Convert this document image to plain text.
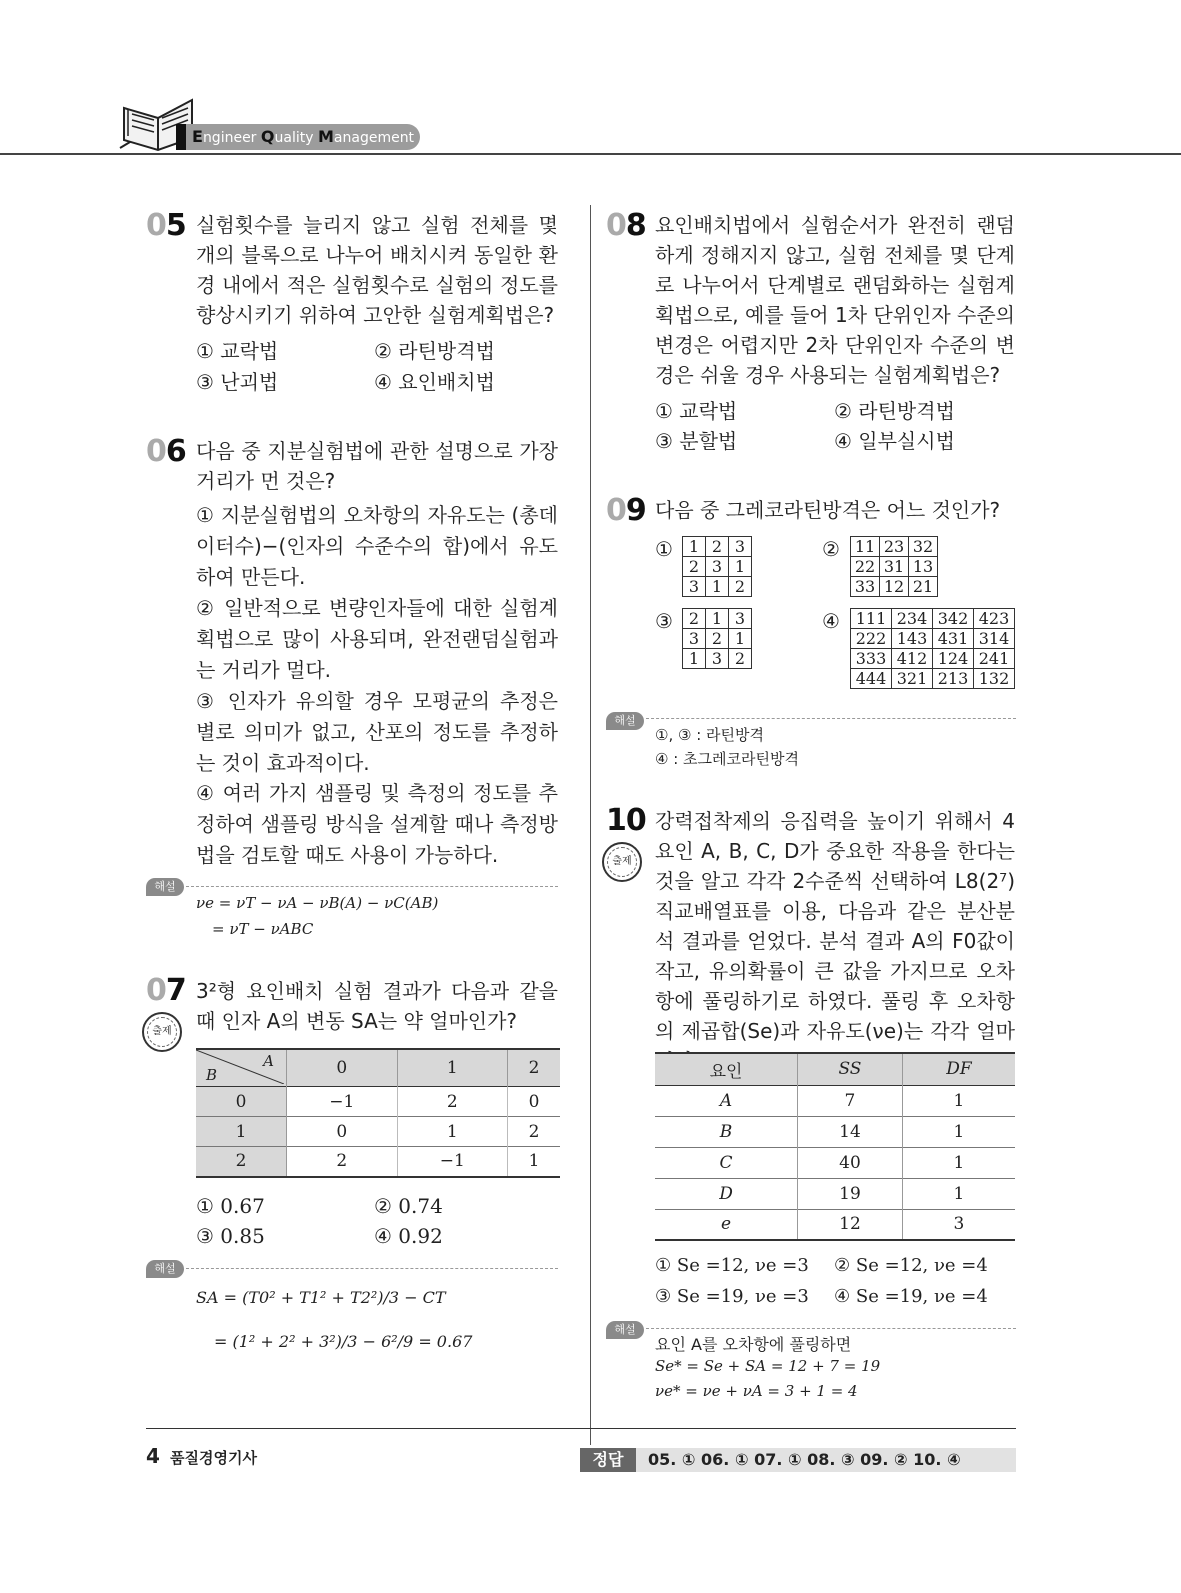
Engineer Quality Management
05 실험횟수를 늘리지 않고 실험 전체를 몇 개의 블록으로 나누어 배치시켜 동일한 환경 내에서 적은 실험횟수로 실험의 정도를 향상시키기 위하여 고안한 실험계획법은?
① 교락법	② 라틴방격법
③ 난괴법	④ 요인배치법
06 다음 중 지분실험법에 관한 설명으로 가장 거리가 먼 것은?
① 지분실험법의 오차항의 자유도는 (총데이터수)−(인자의 수준수의 합)에서 유도하여 만든다.
② 일반적으로 변량인자들에 대한 실험계획법으로 많이 사용되며, 완전랜덤실험과는 거리가 멀다.
③ 인자가 유의할 경우 모평균의 추정은 별로 의미가 없고, 산포의 정도를 추정하는 것이 효과적이다.
④ 여러 가지 샘플링 및 측정의 정도를 추정하여 샘플링 방식을 설계할 때나 측정방법을 검토할 때도 사용이 가능하다.
해설
νe = νT − νA − νB(A) − νC(AB)
= νT − νABC
07
출제
3²형 요인배치 실험 결과가 다음과 같을 때 인자 A의 변동 SA는 약 얼마인가?
A
B	0	1	2
0	−1	2	0
1	0	1	2
2	2	−1	1
① 0.67	② 0.74
③ 0.85	④ 0.92
해설
SA = (T0² + T1² + T2²)/3 − CT
= (1² + 2² + 3²)/3 − 6²/9 = 0.67
08 요인배치법에서 실험순서가 완전히 랜덤하게 정해지지 않고, 실험 전체를 몇 단계로 나누어서 단계별로 랜덤화하는 실험계획법으로, 예를 들어 1차 단위인자 수준의 변경은 어렵지만 2차 단위인자 수준의 변경은 쉬울 경우 사용되는 실험계획법은?
① 교락법	② 라틴방격법
③ 분할법	④ 일부실시법
09 다음 중 그레코라틴방격은 어느 것인가?
① 1	2	3
2	3	1
3	1	2
② 11	23	32
22	31	13
33	12	21
③ 2	1	3
3	2	1
1	3	2
④ 111	234	342	423
222	143	431	314
333	412	124	241
444	321	213	132
해설
①, ③ : 라틴방격
④ : 초그레코라틴방격
10
출제
강력접착제의 응집력을 높이기 위해서 4요인 A, B, C, D가 중요한 작용을 한다는 것을 알고 각각 2수준씩 선택하여 L8(2⁷) 직교배열표를 이용, 다음과 같은 분산분석 결과를 얻었다. 분석 결과 A의 F0값이 작고, 유의확률이 큰 값을 가지므로 오차항에 풀링하기로 하였다. 풀링 후 오차항의 제곱합(Se)과 자유도(νe)는 각각 얼마인가? 요인	SS	DF
A	7	1
B	14	1
C	40	1
D	19	1
e	12	3
① Se =12, νe =3 ② Se =12, νe =4
③ Se =19, νe =3 ④ Se =19, νe =4
해설
요인 A를 오차항에 풀링하면
Se* = Se + SA = 12 + 7 = 19
νe* = νe + νA = 3 + 1 = 4
4 품질경영기사	정답	05. ① 06. ① 07. ① 08. ③ 09. ② 10. ④
